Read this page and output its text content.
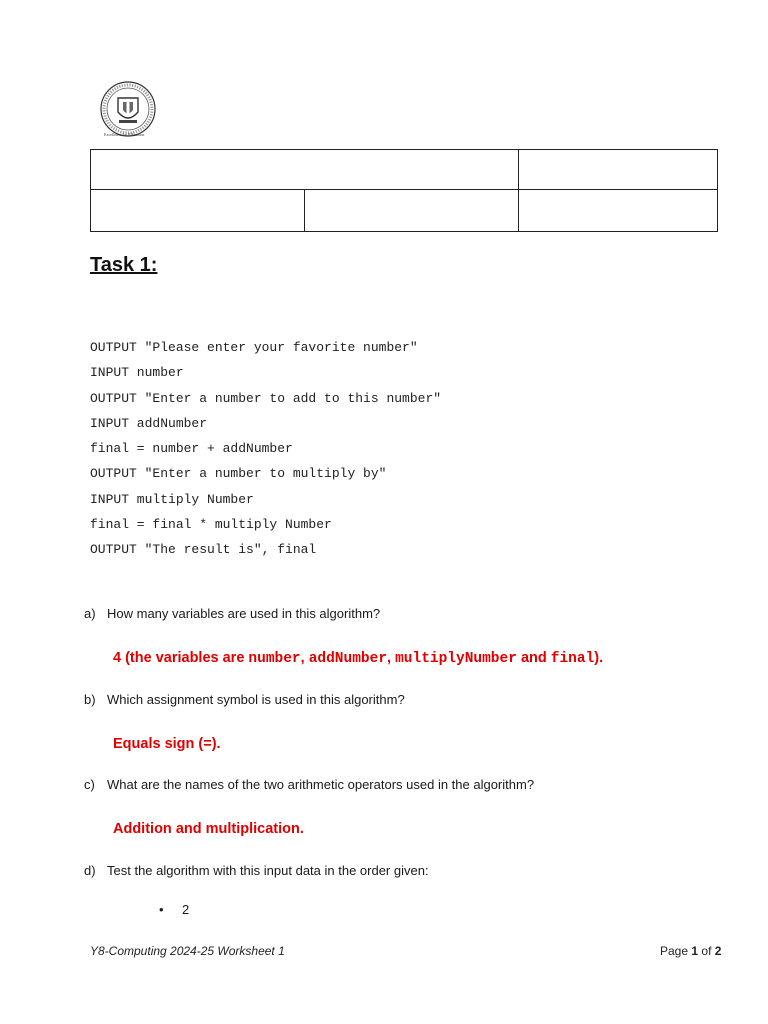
Excellence for Education

Task 1:
OUTPUT "Please enter your favorite number"
INPUT number
OUTPUT "Enter a number to add to this number"
INPUT addNumber
final = number + addNumber
OUTPUT "Enter a number to multiply by"
INPUT multiply Number
final = final * multiply Number
OUTPUT "The result is", final
a) How many variables are used in this algorithm?
4 (the variables are number, addNumber, multiplyNumber and final).
b) Which assignment symbol is used in this algorithm?
Equals sign (=).
c) What are the names of the two arithmetic operators used in the algorithm?
Addition and multiplication.
d) Test the algorithm with this input data in the order given:
• 2
Y8-Computing 2024-25 Worksheet 1	Page 1 of 2
